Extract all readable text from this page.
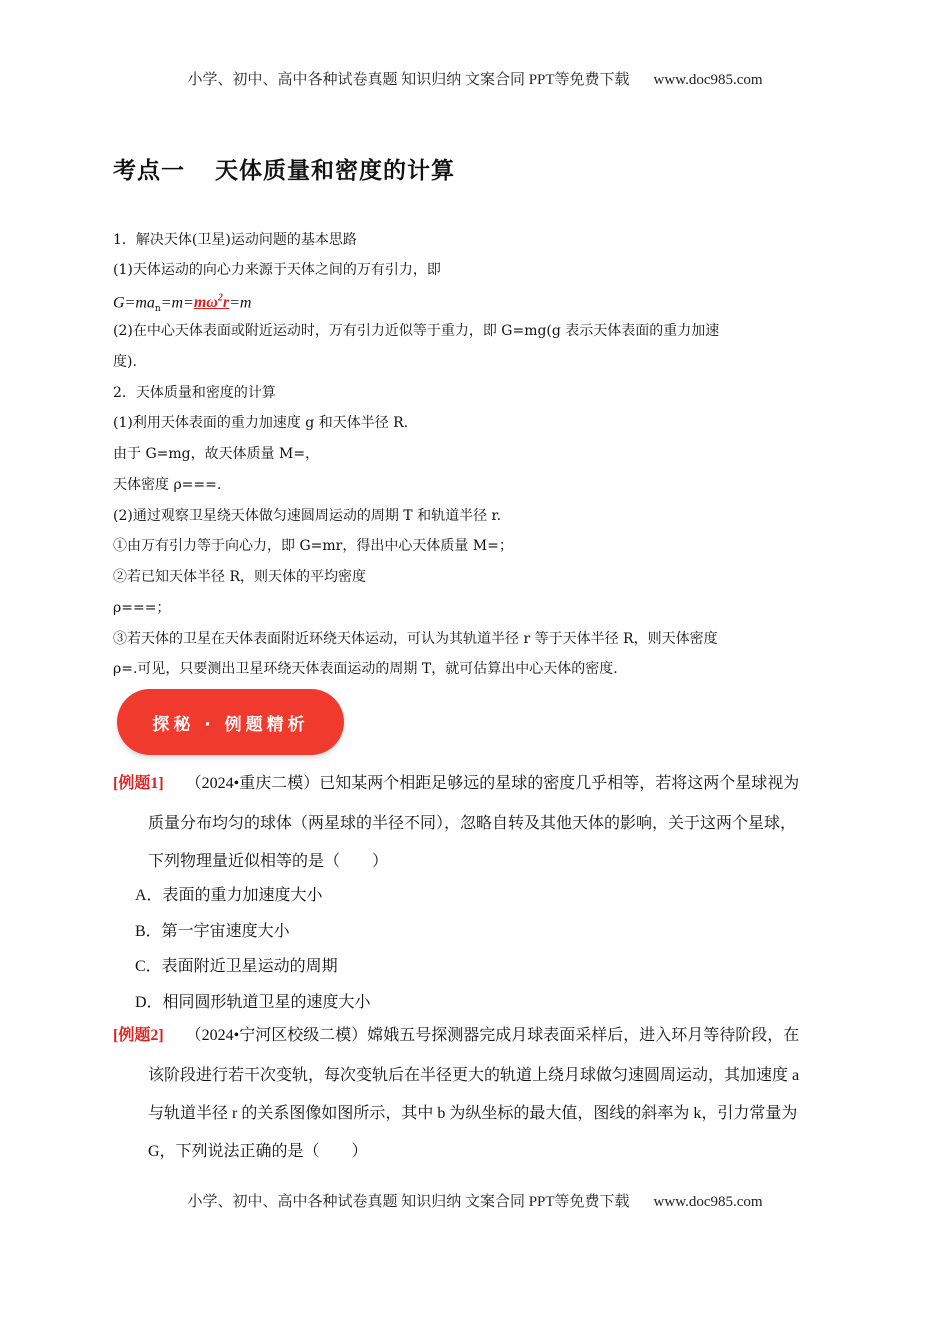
小学、初中、高中各种试卷真题 知识归纳 文案合同 PPT等免费下载 www.doc985.com
考点一 天体质量和密度的计算
1．解决天体(卫星)运动问题的基本思路
(1)天体运动的向心力来源于天体之间的万有引力，即
$G=ma_n=m=m\omega^2r=m$
(2)在中心天体表面或附近运动时，万有引力近似等于重力，即 G=mg(g 表示天体表面的重力加速
度).
2．天体质量和密度的计算
(1)利用天体表面的重力加速度 g 和天体半径 R.
由于 G=mg，故天体质量 M=，
天体密度 ρ===.
(2)通过观察卫星绕天体做匀速圆周运动的周期 T 和轨道半径 r.
①由万有引力等于向心力，即 G=mr，得出中心天体质量 M=；
②若已知天体半径 R，则天体的平均密度
ρ===；
③若天体的卫星在天体表面附近环绕天体运动，可认为其轨道半径 r 等于天体半径 R，则天体密度
ρ=.可见，只要测出卫星环绕天体表面运动的周期 T，就可估算出中心天体的密度.
探秘 · 例题精析
[例题1] （2024•重庆二模）已知某两个相距足够远的星球的密度几乎相等，若将这两个星球视为
质量分布均匀的球体（两星球的半径不同），忽略自转及其他天体的影响，关于这两个星球，
下列物理量近似相等的是（　　）
A．表面的重力加速度大小
B．第一宇宙速度大小
C．表面附近卫星运动的周期
D．相同圆形轨道卫星的速度大小
[例题2] （2024•宁河区校级二模）嫦娥五号探测器完成月球表面采样后，进入环月等待阶段，在
该阶段进行若干次变轨，每次变轨后在半径更大的轨道上绕月球做匀速圆周运动，其加速度 a
与轨道半径 r 的关系图像如图所示，其中 b 为纵坐标的最大值，图线的斜率为 k，引力常量为
G，下列说法正确的是（　　）
小学、初中、高中各种试卷真题 知识归纳 文案合同 PPT等免费下载 www.doc985.com
